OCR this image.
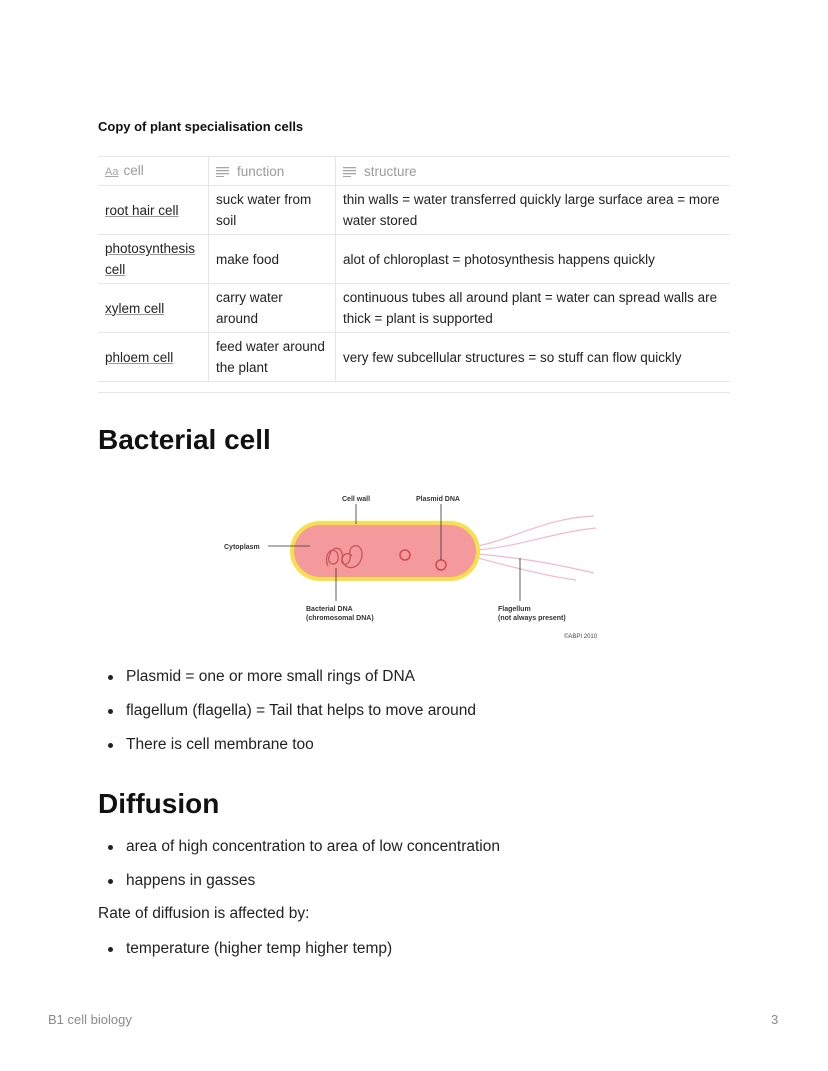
Copy of plant specialisation cells
Aa cell	function	structure
root hair cell	suck water from soil	thin walls = water transferred quickly large surface area = more water stored
photosynthesis cell	make food	alot of chloroplast = photosynthesis happens quickly
xylem cell	carry water around	continuous tubes all around plant = water can spread walls are thick = plant is supported
phloem cell	feed water around the plant	very few subcellular structures = so stuff can flow quickly
Bacterial cell
Cell wall	Plasmid DNA
Cytoplasm
Bacterial DNA
(chromosomal DNA)
Flagellum
(not always present)
©ABPI 2010
Plasmid = one or more small rings of DNA
flagellum (flagella) = Tail that helps to move around
There is cell membrane too
Diffusion
area of high concentration to area of low concentration
happens in gasses
Rate of diffusion is affected by:
temperature (higher temp higher temp)
B1 cell biology	3
